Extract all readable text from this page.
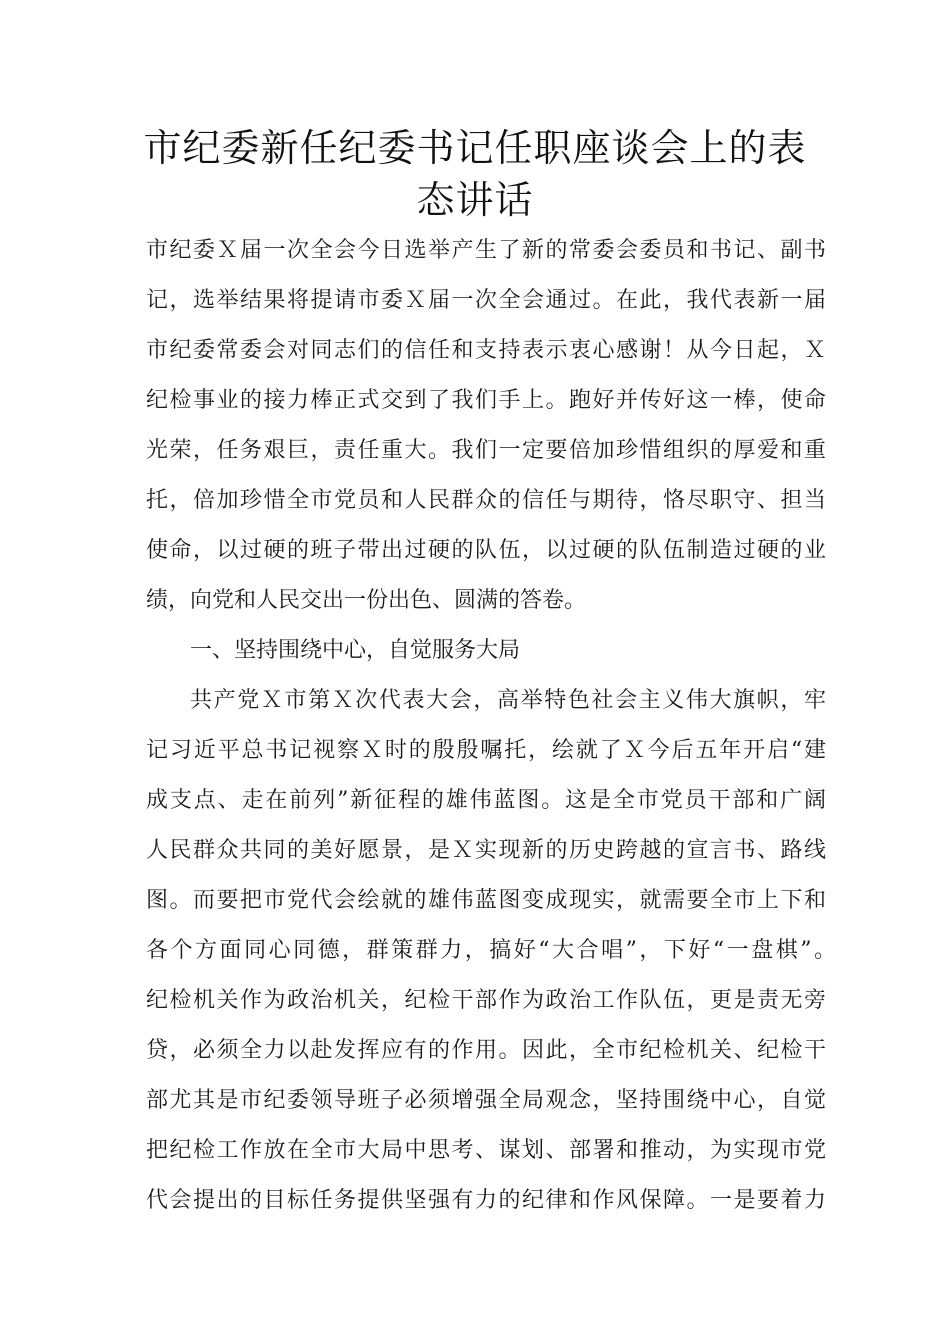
市纪委新任纪委书记任职座谈会上的表
态讲话

市纪委Ｘ届一次全会今日选举产生了新的常委会委员和书记、副书

记，选举结果将提请市委Ｘ届一次全会通过。在此，我代表新一届

市纪委常委会对同志们的信任和支持表示衷心感谢！从今日起，Ｘ

纪检事业的接力棒正式交到了我们手上。跑好并传好这一棒，使命

光荣，任务艰巨，责任重大。我们一定要倍加珍惜组织的厚爱和重

托，倍加珍惜全市党员和人民群众的信任与期待，恪尽职守、担当

使命，以过硬的班子带出过硬的队伍，以过硬的队伍制造过硬的业

绩，向党和人民交出一份出色、圆满的答卷。

一、坚持围绕中心，自觉服务大局

共产党Ｘ市第Ｘ次代表大会，高举特色社会主义伟大旗帜，牢

记习近平总书记视察Ｘ时的殷殷嘱托，绘就了Ｘ今后五年开启“建

成支点、走在前列”新征程的雄伟蓝图。这是全市党员干部和广阔

人民群众共同的美好愿景，是Ｘ实现新的历史跨越的宣言书、路线

图。而要把市党代会绘就的雄伟蓝图变成现实，就需要全市上下和

各个方面同心同德，群策群力，搞好“大合唱”，下好“一盘棋”。

纪检机关作为政治机关，纪检干部作为政治工作队伍，更是责无旁

贷，必须全力以赴发挥应有的作用。因此，全市纪检机关、纪检干

部尤其是市纪委领导班子必须增强全局观念，坚持围绕中心，自觉

把纪检工作放在全市大局中思考、谋划、部署和推动，为实现市党

代会提出的目标任务提供坚强有力的纪律和作风保障。一是要着力
